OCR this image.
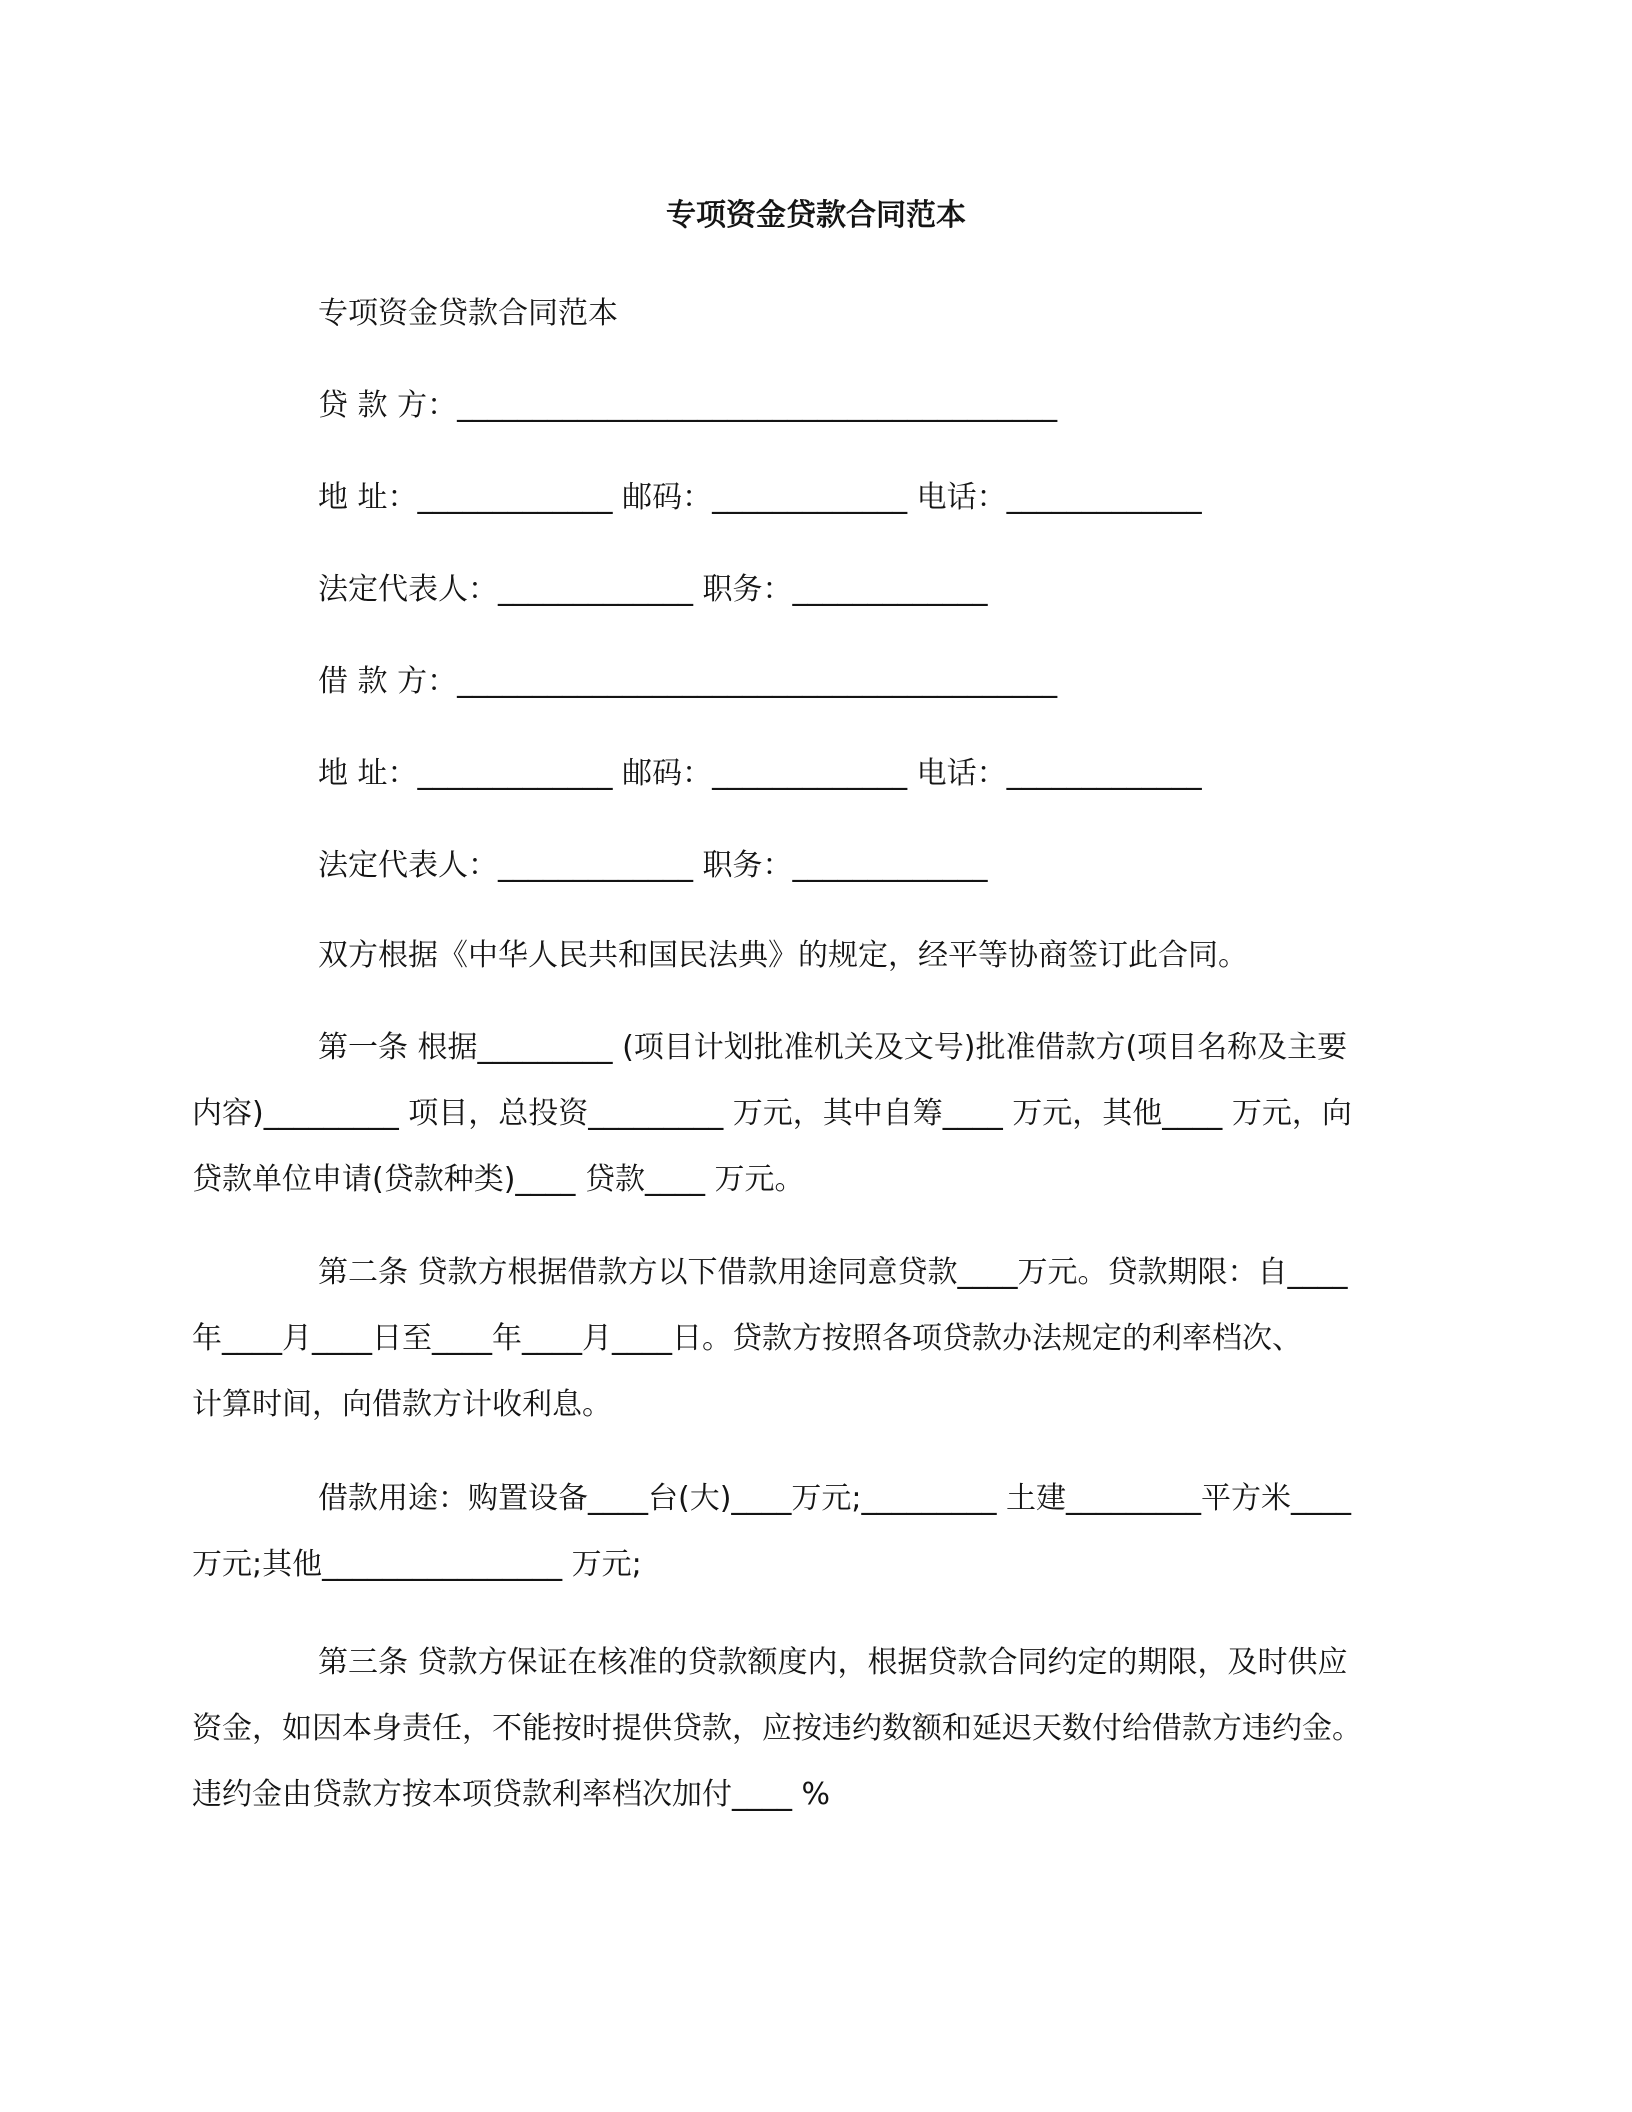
专项资金贷款合同范本

专项资金贷款合同范本

贷 款 方：________________________________________

地 址：_____________ 邮码：_____________ 电话：_____________

法定代表人：_____________ 职务：_____________

借 款 方：________________________________________

地 址：_____________ 邮码：_____________ 电话：_____________

法定代表人：_____________ 职务：_____________

双方根据《中华人民共和国民法典》的规定，经平等协商签订此合同。

第一条 根据_________ (项目计划批准机关及文号)批准借款方(项目名称及主要
内容)_________ 项目，总投资_________ 万元，其中自筹____ 万元，其他____ 万元，向
贷款单位申请(贷款种类)____ 贷款____ 万元。
第二条 贷款方根据借款方以下借款用途同意贷款____万元。贷款期限：自____
年____月____日至____年____月____日。贷款方按照各项贷款办法规定的利率档次、
计算时间，向借款方计收利息。
借款用途：购置设备____台(大)____万元;_________ 土建_________平方米____
万元;其他________________ 万元;
第三条 贷款方保证在核准的贷款额度内，根据贷款合同约定的期限，及时供应
资金，如因本身责任，不能按时提供贷款，应按违约数额和延迟天数付给借款方违约金。
违约金由贷款方按本项贷款利率档次加付____ %
